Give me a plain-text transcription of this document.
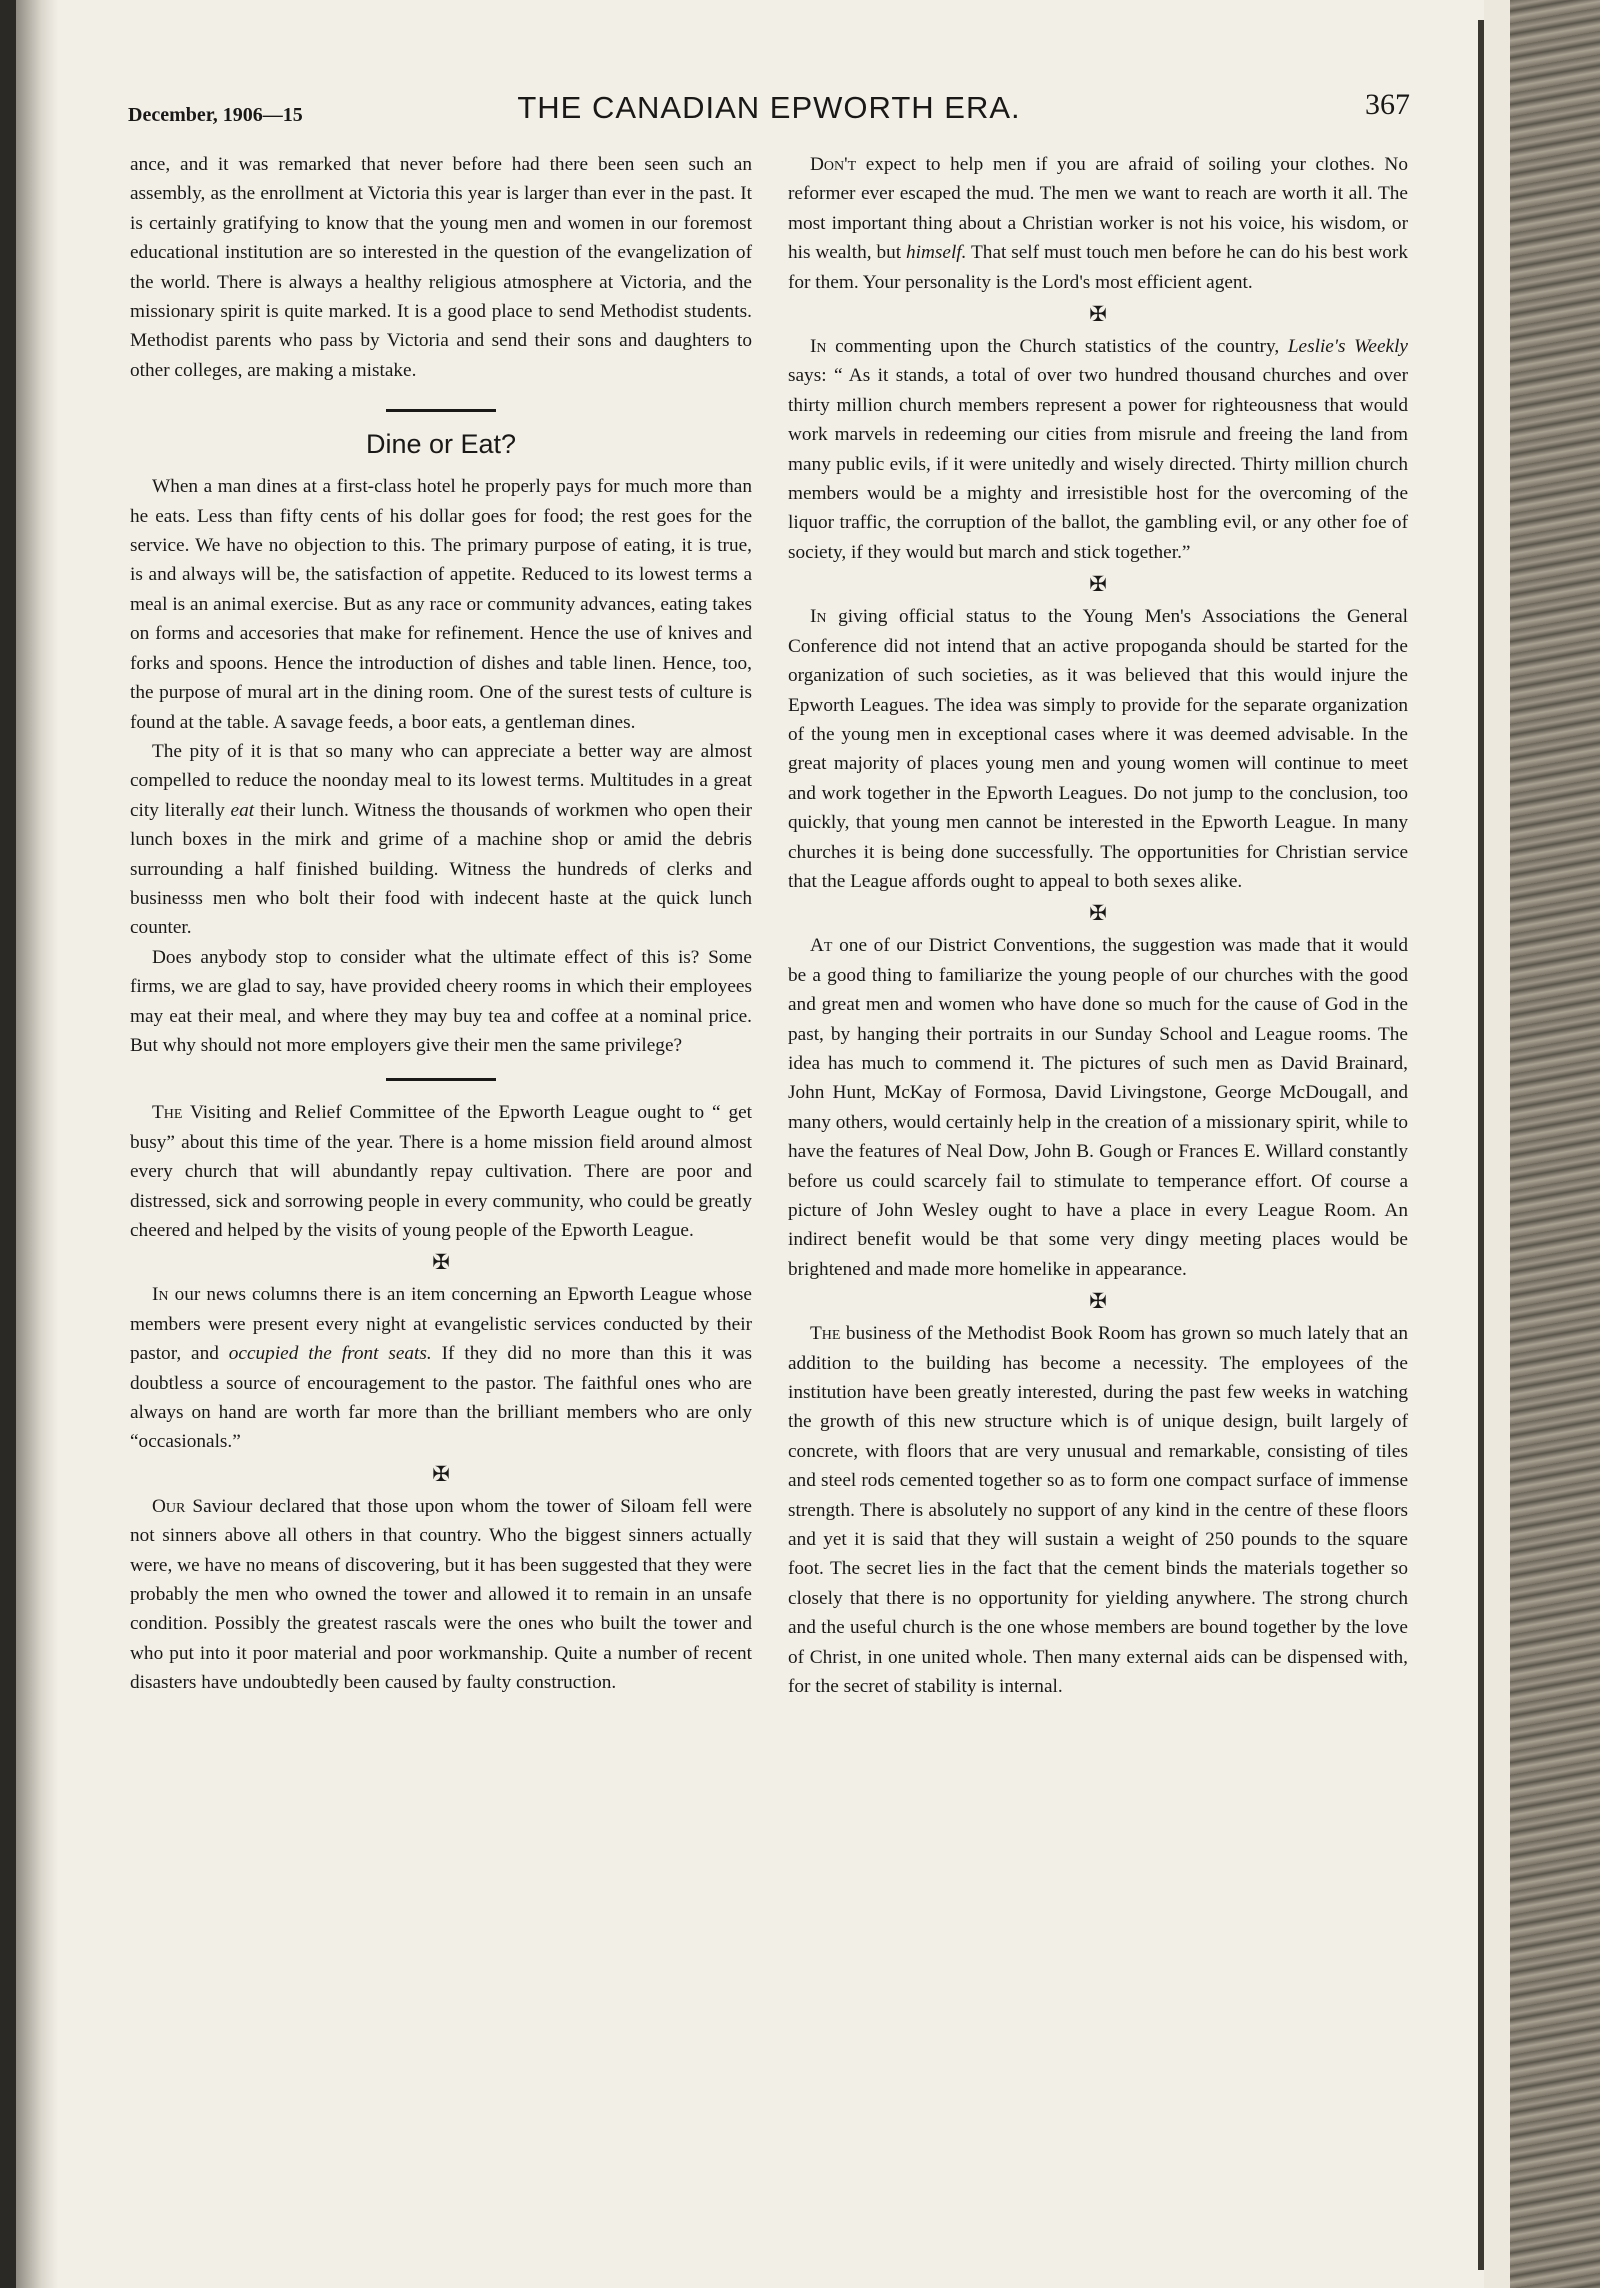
December, 1906—15	THE CANADIAN EPWORTH ERA.	367

ance, and it was remarked that never before had there been seen such an assembly, as the enrollment at Victoria this year is larger than ever in the past. It is certainly gratifying to know that the young men and women in our foremost educational institution are so interested in the question of the evangelization of the world. There is always a healthy religious atmosphere at Victoria, and the missionary spirit is quite marked. It is a good place to send Methodist students. Methodist parents who pass by Victoria and send their sons and daughters to other colleges, are making a mistake.

Dine or Eat?

When a man dines at a first-class hotel he properly pays for much more than he eats. Less than fifty cents of his dollar goes for food; the rest goes for the service. We have no objection to this. The primary purpose of eating, it is true, is and always will be, the satisfaction of appetite. Reduced to its lowest terms a meal is an animal exercise. But as any race or community advances, eating takes on forms and accesories that make for refinement. Hence the use of knives and forks and spoons. Hence the introduction of dishes and table linen. Hence, too, the purpose of mural art in the dining room. One of the surest tests of culture is found at the table. A savage feeds, a boor eats, a gentleman dines.

The pity of it is that so many who can appreciate a better way are almost compelled to reduce the noonday meal to its lowest terms. Multitudes in a great city literally eat their lunch. Witness the thousands of workmen who open their lunch boxes in the mirk and grime of a machine shop or amid the debris surrounding a half finished building. Witness the hundreds of clerks and businesss men who bolt their food with indecent haste at the quick lunch counter.

Does anybody stop to consider what the ultimate effect of this is? Some firms, we are glad to say, have provided cheery rooms in which their employees may eat their meal, and where they may buy tea and coffee at a nominal price. But why should not more employers give their men the same privilege?

The Visiting and Relief Committee of the Epworth League ought to “ get busy” about this time of the year. There is a home mission field around almost every church that will abundantly repay cultivation. There are poor and distressed, sick and sorrowing people in every community, who could be greatly cheered and helped by the visits of young people of the Epworth League.

✠

In our news columns there is an item concerning an Epworth League whose members were present every night at evangelistic services conducted by their pastor, and occupied the front seats. If they did no more than this it was doubtless a source of encouragement to the pastor. The faithful ones who are always on hand are worth far more than the brilliant members who are only “occasionals.”

✠

Our Saviour declared that those upon whom the tower of Siloam fell were not sinners above all others in that country. Who the biggest sinners actually were, we have no means of discovering, but it has been suggested that they were probably the men who owned the tower and allowed it to remain in an unsafe condition. Possibly the greatest rascals were the ones who built the tower and who put into it poor material and poor workmanship. Quite a number of recent disasters have undoubtedly been caused by faulty construction.

Don't expect to help men if you are afraid of soiling your clothes. No reformer ever escaped the mud. The men we want to reach are worth it all. The most important thing about a Christian worker is not his voice, his wisdom, or his wealth, but himself. That self must touch men before he can do his best work for them. Your personality is the Lord's most efficient agent.

✠

In commenting upon the Church statistics of the country, Leslie's Weekly says: “ As it stands, a total of over two hundred thousand churches and over thirty million church members represent a power for righteousness that would work marvels in redeeming our cities from misrule and freeing the land from many public evils, if it were unitedly and wisely directed. Thirty million church members would be a mighty and irresistible host for the overcoming of the liquor traffic, the corruption of the ballot, the gambling evil, or any other foe of society, if they would but march and stick together.”

✠

In giving official status to the Young Men's Associations the General Conference did not intend that an active propoganda should be started for the organization of such societies, as it was believed that this would injure the Epworth Leagues. The idea was simply to provide for the separate organization of the young men in exceptional cases where it was deemed advisable. In the great majority of places young men and young women will continue to meet and work together in the Epworth Leagues. Do not jump to the conclusion, too quickly, that young men cannot be interested in the Epworth League. In many churches it is being done successfully. The opportunities for Christian service that the League affords ought to appeal to both sexes alike.

✠

At one of our District Conventions, the suggestion was made that it would be a good thing to familiarize the young people of our churches with the good and great men and women who have done so much for the cause of God in the past, by hanging their portraits in our Sunday School and League rooms. The idea has much to commend it. The pictures of such men as David Brainard, John Hunt, McKay of Formosa, David Livingstone, George McDougall, and many others, would certainly help in the creation of a missionary spirit, while to have the features of Neal Dow, John B. Gough or Frances E. Willard constantly before us could scarcely fail to stimulate to temperance effort. Of course a picture of John Wesley ought to have a place in every League Room. An indirect benefit would be that some very dingy meeting places would be brightened and made more homelike in appearance.

✠

The business of the Methodist Book Room has grown so much lately that an addition to the building has become a necessity. The employees of the institution have been greatly interested, during the past few weeks in watching the growth of this new structure which is of unique design, built largely of concrete, with floors that are very unusual and remarkable, consisting of tiles and steel rods cemented together so as to form one compact surface of immense strength. There is absolutely no support of any kind in the centre of these floors and yet it is said that they will sustain a weight of 250 pounds to the square foot. The secret lies in the fact that the cement binds the materials together so closely that there is no opportunity for yielding anywhere. The strong church and the useful church is the one whose members are bound together by the love of Christ, in one united whole. Then many external aids can be dispensed with, for the secret of stability is internal.
